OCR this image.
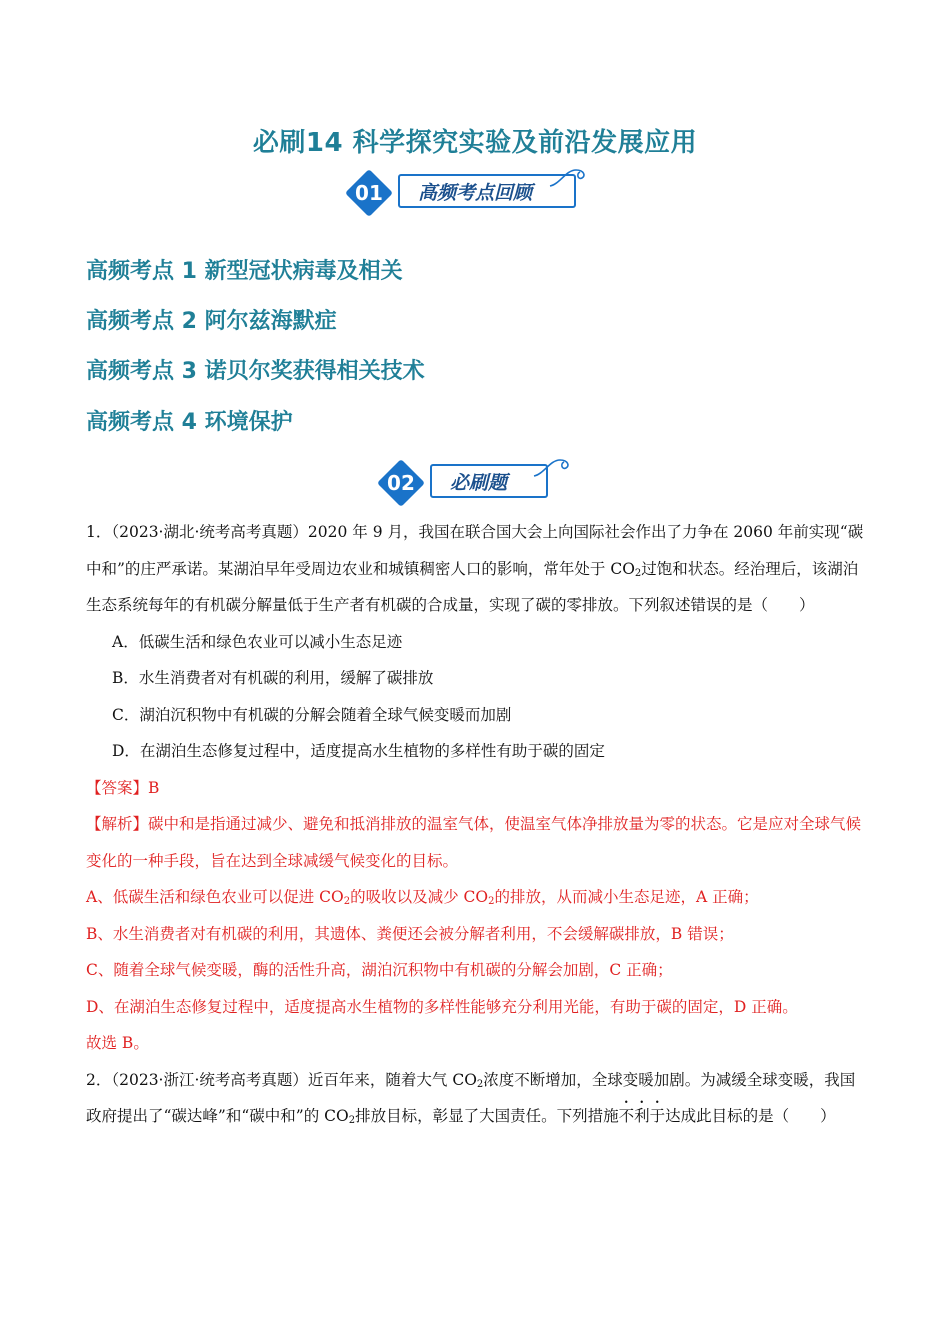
必刷14 科学探究实验及前沿发展应用
01	高频考点回顾
高频考点 1 新型冠状病毒及相关
高频考点 2 阿尔兹海默症
高频考点 3 诺贝尔奖获得相关技术
高频考点 4 环境保护
02	必刷题

1．（2023·湖北·统考高考真题）2020 年 9 月，我国在联合国大会上向国际社会作出了力争在 2060 年前实现“碳中和”的庄严承诺。某湖泊早年受周边农业和城镇稠密人口的影响，常年处于 $CO_2$过饱和状态。经治理后，该湖泊生态系统每年的有机碳分解量低于生产者有机碳的合成量，实现了碳的零排放。下列叙述错误的是（　　）

A．低碳生活和绿色农业可以减小生态足迹

B．水生消费者对有机碳的利用，缓解了碳排放

C．湖泊沉积物中有机碳的分解会随着全球气候变暖而加剧

D．在湖泊生态修复过程中，适度提高水生植物的多样性有助于碳的固定

【答案】B

【解析】碳中和是指通过减少、避免和抵消排放的温室气体，使温室气体净排放量为零的状态。它是应对全球气候变化的一种手段，旨在达到全球减缓气候变化的目标。

A、低碳生活和绿色农业可以促进 $CO_2$的吸收以及减少 $CO_2$的排放，从而减小生态足迹，A 正确；

B、水生消费者对有机碳的利用，其遗体、粪便还会被分解者利用，不会缓解碳排放，B 错误；

C、随着全球气候变暖，酶的活性升高，湖泊沉积物中有机碳的分解会加剧，C 正确；

D、在湖泊生态修复过程中，适度提高水生植物的多样性能够充分利用光能，有助于碳的固定，D 正确。

故选 B。

2．（2023·浙江·统考高考真题）近百年来，随着大气 $CO_2$浓度不断增加，全球变暖加剧。为减缓全球变暖，我国政府提出了“碳达峰”和“碳中和”的 $CO_2$排放目标，彰显了大国责任。下列措施不利于达成此目标的是（　　）
